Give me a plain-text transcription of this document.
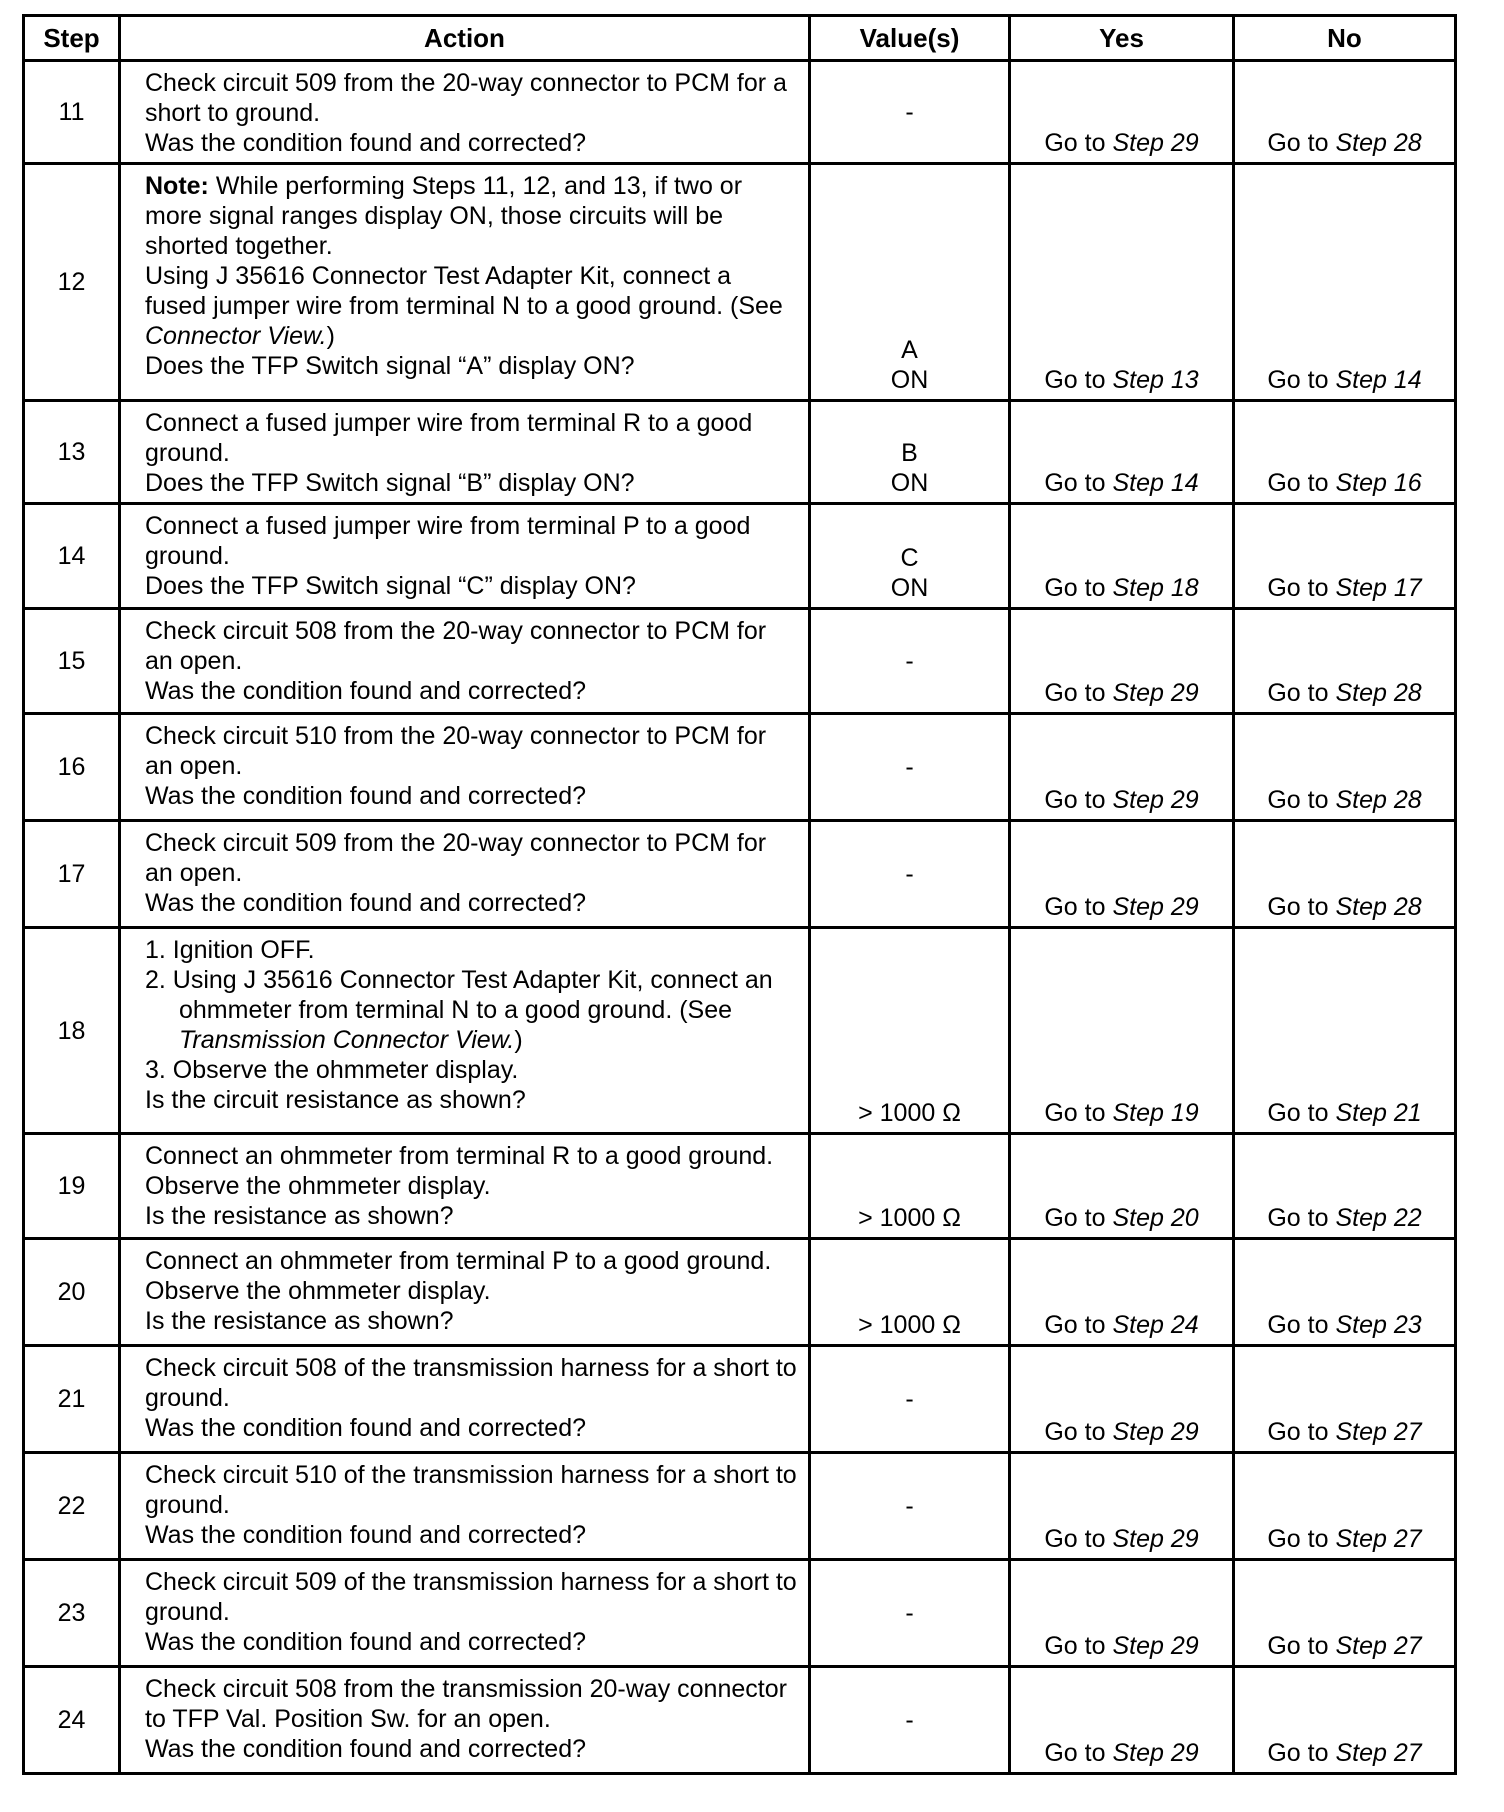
Step	Action	Value(s)	Yes	No
11	Check circuit 509 from the 20-way connector to PCM for a short to ground.
Was the condition found and corrected?	-	Go to Step 29	Go to Step 28
12	Note: While performing Steps 11, 12, and 13, if two or more signal ranges display ON, those circuits will be shorted together.
Using J 35616 Connector Test Adapter Kit, connect a fused jumper wire from terminal N to a good ground. (See Connector View.)
Does the TFP Switch signal “A” display ON?	A
ON	Go to Step 13	Go to Step 14
13	Connect a fused jumper wire from terminal R to a good ground.
Does the TFP Switch signal “B” display ON?	B
ON	Go to Step 14	Go to Step 16
14	Connect a fused jumper wire from terminal P to a good ground.
Does the TFP Switch signal “C” display ON?	C
ON	Go to Step 18	Go to Step 17
15	Check circuit 508 from the 20-way connector to PCM for an open.
Was the condition found and corrected?	-	Go to Step 29	Go to Step 28
16	Check circuit 510 from the 20-way connector to PCM for an open.
Was the condition found and corrected?	-	Go to Step 29	Go to Step 28
17	Check circuit 509 from the 20-way connector to PCM for an open.
Was the condition found and corrected?	-	Go to Step 29	Go to Step 28
18	1. Ignition OFF.
2. Using J 35616 Connector Test Adapter Kit, connect an ohmmeter from terminal N to a good ground. (See Transmission Connector View.)
3. Observe the ohmmeter display.
Is the circuit resistance as shown?	> 1000 Ω	Go to Step 19	Go to Step 21
19	Connect an ohmmeter from terminal R to a good ground. Observe the ohmmeter display.
Is the resistance as shown?	> 1000 Ω	Go to Step 20	Go to Step 22
20	Connect an ohmmeter from terminal P to a good ground. Observe the ohmmeter display.
Is the resistance as shown?	> 1000 Ω	Go to Step 24	Go to Step 23
21	Check circuit 508 of the transmission harness for a short to ground.
Was the condition found and corrected?	-	Go to Step 29	Go to Step 27
22	Check circuit 510 of the transmission harness for a short to ground.
Was the condition found and corrected?	-	Go to Step 29	Go to Step 27
23	Check circuit 509 of the transmission harness for a short to ground.
Was the condition found and corrected?	-	Go to Step 29	Go to Step 27
24	Check circuit 508 from the transmission 20-way connector to TFP Val. Position Sw. for an open.
Was the condition found and corrected?	-	Go to Step 29	Go to Step 27
